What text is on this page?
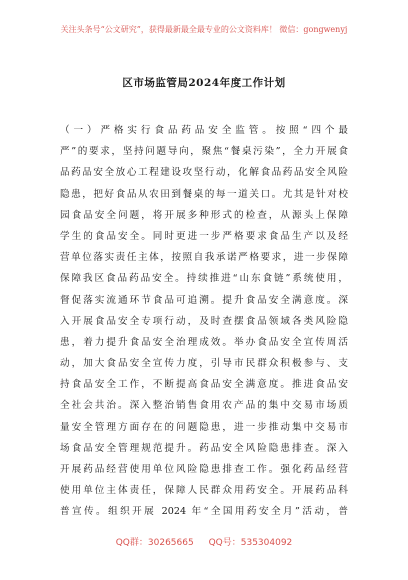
关注头条号“公文研究”，获得最新最全最专业的公文资料库！ 微信：gongwenyj
区市场监管局2024年度工作计划
（一）严格实行食品药品安全监管。按照“四个最
严”的要求，坚持问题导向，聚焦“餐桌污染”，全力开展食
品药品安全放心工程建设攻坚行动，化解食品药品安全风险
隐患，把好食品从农田到餐桌的每一道关口。尤其是针对校
园食品安全问题，将开展多种形式的检查，从源头上保障
学生的食品安全。同时更进一步严格要求食品生产以及经
营单位落实责任主体，按照自我承诺严格要求，进一步保障
保障我区食品药品安全。持续推进“山东食链”系统使用，
督促落实流通环节食品可追溯。提升食品安全满意度。深
入开展食品安全专项行动，及时查摆食品领域各类风险隐
患，着力提升食品安全治理成效。举办食品安全宣传周活
动，加大食品安全宣传力度，引导市民群众积极参与、支
持食品安全工作，不断提高食品安全满意度。推进食品安
全社会共治。深入整治销售食用农产品的集中交易市场质
量安全管理方面存在的问题隐患，进一步推动集中交易市
场食品安全管理规范提升。药品安全风险隐患排查。深入
开展药品经营使用单位风险隐患排查工作。强化药品经营
使用单位主体责任，保障人民群众用药安全。开展药品科
普宣传。组织开展 2024 年“全国用药安全月”活动，普
QQ群：30265665 QQ号：535304092
